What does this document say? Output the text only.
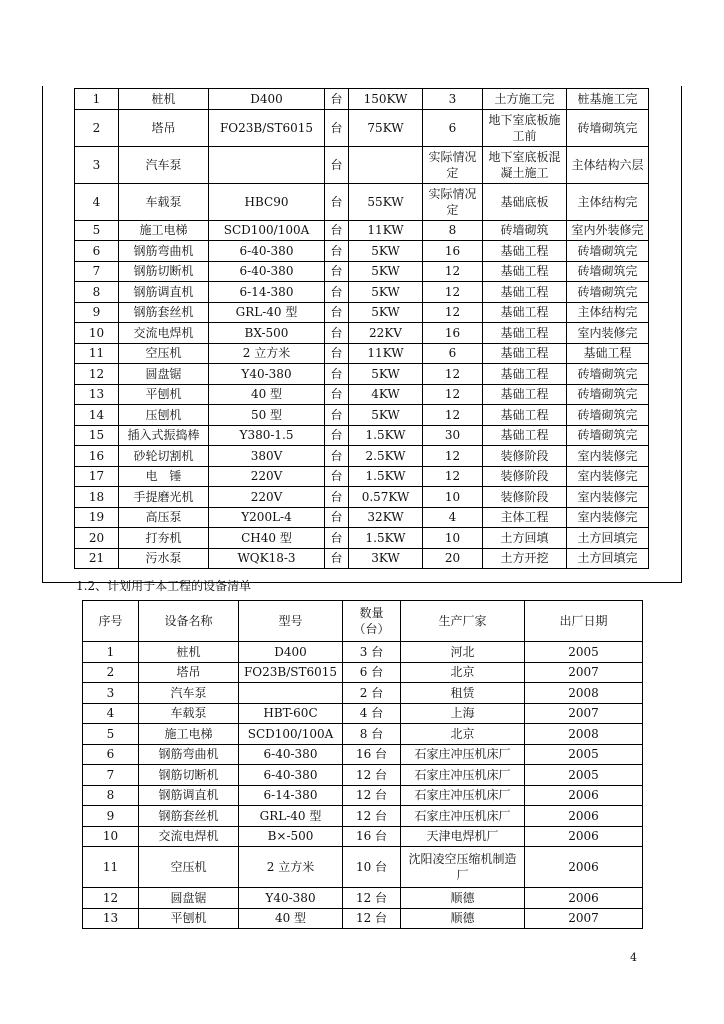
1	桩机	D400	台	150KW	3	土方施工完	桩基施工完
2	塔吊	FO23B/ST6015	台	75KW	6	地下室底板施工前	砖墙砌筑完
3	汽车泵		台		实际情况定	地下室底板混凝土施工	主体结构六层
4	车载泵	HBC90	台	55KW	实际情况定	基础底板	主体结构完
5	施工电梯	SCD100/100A	台	11KW	8	砖墙砌筑	室内外装修完
6	钢筋弯曲机	6-40-380	台	5KW	16	基础工程	砖墙砌筑完
7	钢筋切断机	6-40-380	台	5KW	12	基础工程	砖墙砌筑完
8	钢筋调直机	6-14-380	台	5KW	12	基础工程	砖墙砌筑完
9	钢筋套丝机	GRL-40 型	台	5KW	12	基础工程	主体结构完
10	交流电焊机	BX-500	台	22KV	16	基础工程	室内装修完
11	空压机	2 立方米	台	11KW	6	基础工程	基础工程
12	圆盘锯	Y40-380	台	5KW	12	基础工程	砖墙砌筑完
13	平刨机	40 型	台	4KW	12	基础工程	砖墙砌筑完
14	压刨机	50 型	台	5KW	12	基础工程	砖墙砌筑完
15	插入式振捣棒	Y380-1.5	台	1.5KW	30	基础工程	砖墙砌筑完
16	砂轮切割机	380V	台	2.5KW	12	装修阶段	室内装修完
17	电　锤	220V	台	1.5KW	12	装修阶段	室内装修完
18	手提磨光机	220V	台	0.57KW	10	装修阶段	室内装修完
19	高压泵	Y200L-4	台	32KW	4	主体工程	室内装修完
20	打夯机	CH40 型	台	1.5KW	10	土方回填	土方回填完
21	污水泵	WQK18-3	台	3KW	20	土方开挖	土方回填完
1.2、计划用于本工程的设备清单
序号	设备名称	型号	数量（台）	生产厂家	出厂日期
1	桩机	D400	3 台	河北	2005
2	塔吊	FO23B/ST6015	6 台	北京	2007
3	汽车泵		2 台	租赁	2008
4	车载泵	HBT-60C	4 台	上海	2007
5	施工电梯	SCD100/100A	8 台	北京	2008
6	钢筋弯曲机	6-40-380	16 台	石家庄冲压机床厂	2005
7	钢筋切断机	6-40-380	12 台	石家庄冲压机床厂	2005
8	钢筋调直机	6-14-380	12 台	石家庄冲压机床厂	2006
9	钢筋套丝机	GRL-40 型	12 台	石家庄冲压机床厂	2006
10	交流电焊机	B×-500	16 台	天津电焊机厂	2006
11	空压机	2 立方米	10 台	沈阳凌空压缩机制造厂	2006
12	圆盘锯	Y40-380	12 台	顺德	2006
13	平刨机	40 型	12 台	顺德	2007
4
